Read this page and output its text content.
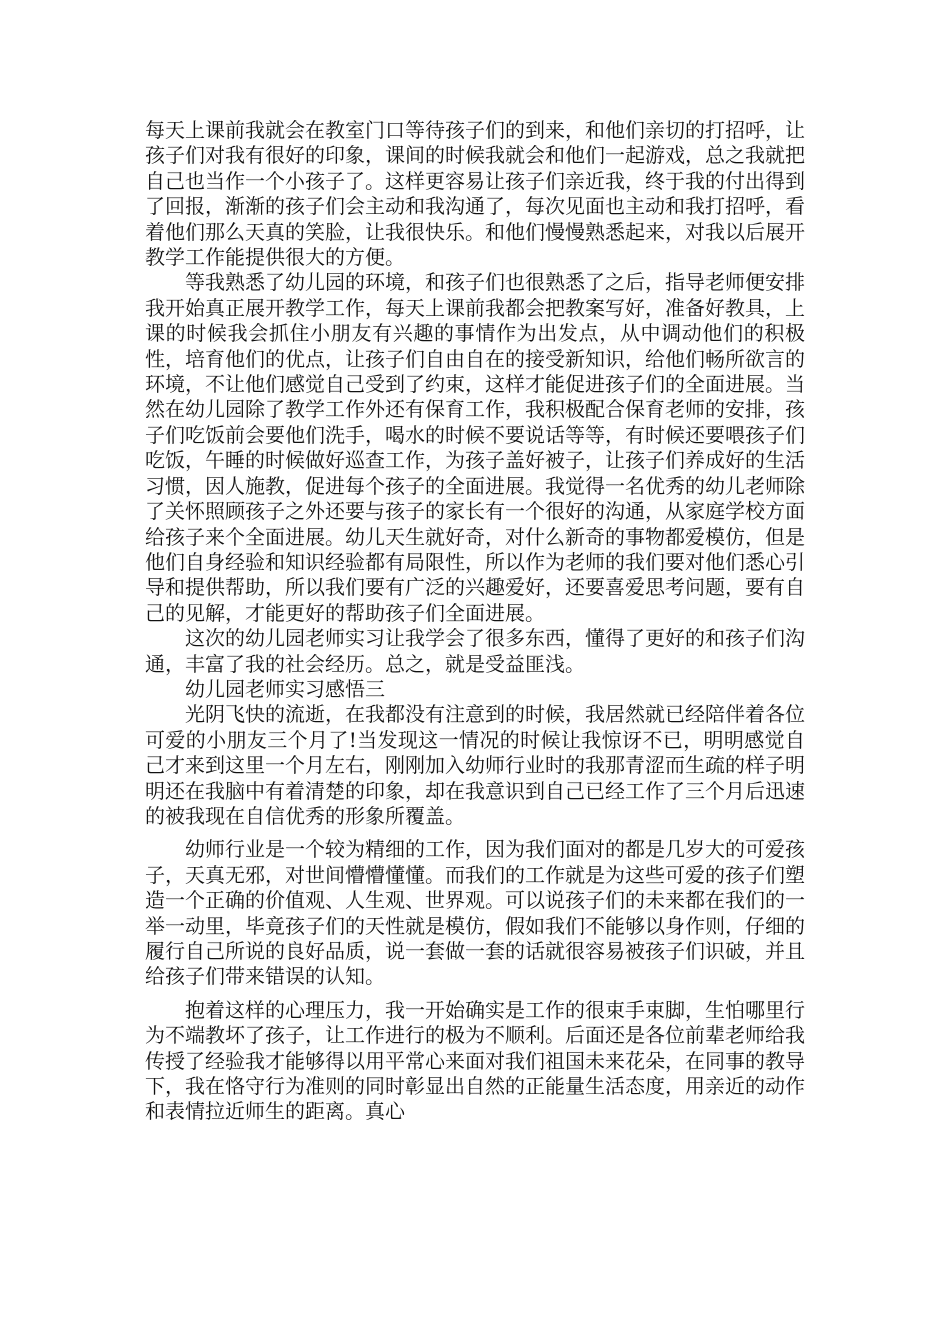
每天上课前我就会在教室门口等待孩子们的到来，和他们亲切的打招呼，让孩子们对我有很好的印象，课间的时候我就会和他们一起游戏，总之我就把自己也当作一个小孩子了。这样更容易让孩子们亲近我，终于我的付出得到了回报，渐渐的孩子们会主动和我沟通了，每次见面也主动和我打招呼，看着他们那么天真的笑脸，让我很快乐。和他们慢慢熟悉起来，对我以后展开教学工作能提供很大的方便。

等我熟悉了幼儿园的环境，和孩子们也很熟悉了之后，指导老师便安排我开始真正展开教学工作，每天上课前我都会把教案写好，准备好教具，上课的时候我会抓住小朋友有兴趣的事情作为出发点，从中调动他们的积极性，培育他们的优点，让孩子们自由自在的接受新知识，给他们畅所欲言的环境，不让他们感觉自己受到了约束，这样才能促进孩子们的全面进展。当然在幼儿园除了教学工作外还有保育工作，我积极配合保育老师的安排，孩子们吃饭前会要他们洗手，喝水的时候不要说话等等，有时候还要喂孩子们吃饭，午睡的时候做好巡查工作，为孩子盖好被子，让孩子们养成好的生活习惯，因人施教，促进每个孩子的全面进展。我觉得一名优秀的幼儿老师除了关怀照顾孩子之外还要与孩子的家长有一个很好的沟通，从家庭学校方面给孩子来个全面进展。幼儿天生就好奇，对什么新奇的事物都爱模仿，但是他们自身经验和知识经验都有局限性，所以作为老师的我们要对他们悉心引导和提供帮助，所以我们要有广泛的兴趣爱好，还要喜爱思考问题，要有自己的见解，才能更好的帮助孩子们全面进展。

这次的幼儿园老师实习让我学会了很多东西，懂得了更好的和孩子们沟通，丰富了我的社会经历。总之，就是受益匪浅。

幼儿园老师实习感悟三

光阴飞快的流逝，在我都没有注意到的时候，我居然就已经陪伴着各位可爱的小朋友三个月了!当发现这一情况的时候让我惊讶不已，明明感觉自己才来到这里一个月左右，刚刚加入幼师行业时的我那青涩而生疏的样子明明还在我脑中有着清楚的印象，却在我意识到自己已经工作了三个月后迅速的被我现在自信优秀的形象所覆盖。

幼师行业是一个较为精细的工作，因为我们面对的都是几岁大的可爱孩子，天真无邪，对世间懵懵懂懂。而我们的工作就是为这些可爱的孩子们塑造一个正确的价值观、人生观、世界观。可以说孩子们的未来都在我们的一举一动里，毕竟孩子们的天性就是模仿，假如我们不能够以身作则，仔细的履行自己所说的良好品质，说一套做一套的话就很容易被孩子们识破，并且给孩子们带来错误的认知。

抱着这样的心理压力，我一开始确实是工作的很束手束脚，生怕哪里行为不端教坏了孩子，让工作进行的极为不顺利。后面还是各位前辈老师给我传授了经验我才能够得以用平常心来面对我们祖国未来花朵，在同事的教导下，我在恪守行为准则的同时彰显出自然的正能量生活态度，用亲近的动作和表情拉近师生的距离。真心
